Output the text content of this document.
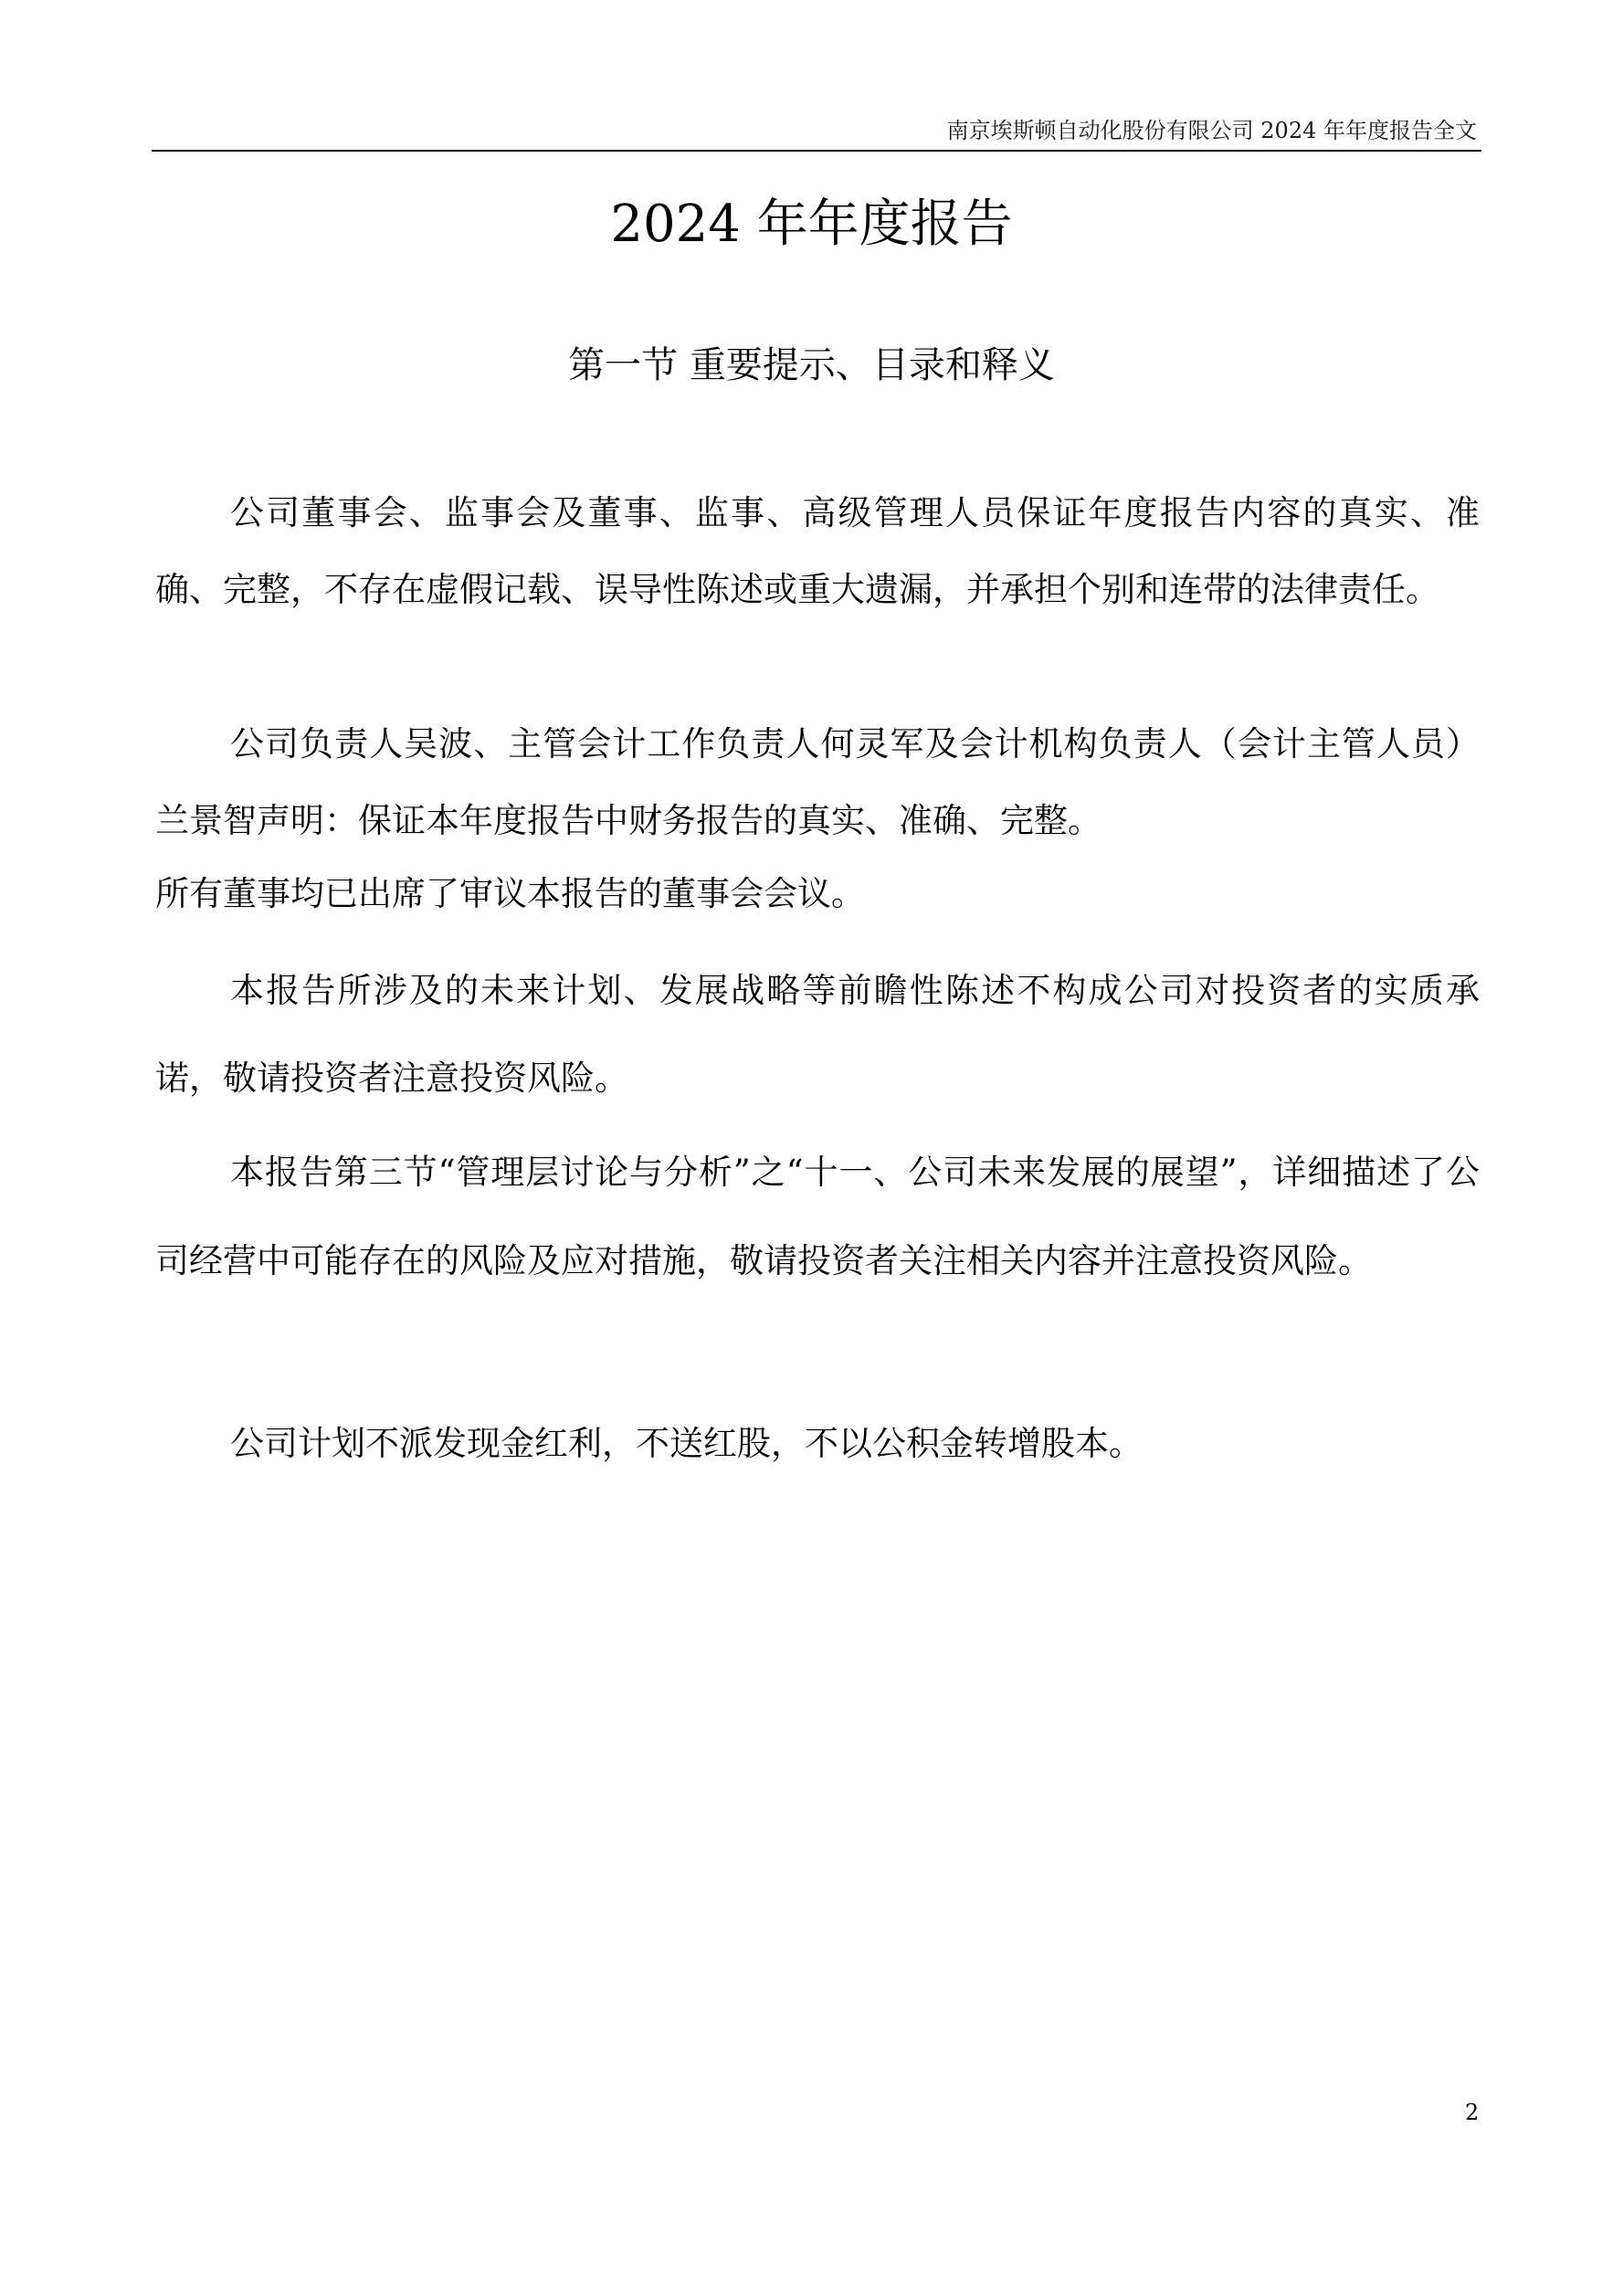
南京埃斯顿自动化股份有限公司 2024 年年度报告全文
2024 年年度报告
第一节 重要提示、目录和释义

公司董事会、监事会及董事、监事、高级管理人员保证年度报告内容的真实、准确、完整，不存在虚假记载、误导性陈述或重大遗漏，并承担个别和连带的法律责任。

公司负责人吴波、主管会计工作负责人何灵军及会计机构负责人（会计主管人员）兰景智声明：保证本年度报告中财务报告的真实、准确、完整。

所有董事均已出席了审议本报告的董事会会议。

本报告所涉及的未来计划、发展战略等前瞻性陈述不构成公司对投资者的实质承诺，敬请投资者注意投资风险。

本报告第三节“管理层讨论与分析”之“十一、公司未来发展的展望”，详细描述了公司经营中可能存在的风险及应对措施，敬请投资者关注相关内容并注意投资风险。

公司计划不派发现金红利，不送红股，不以公积金转增股本。

2
